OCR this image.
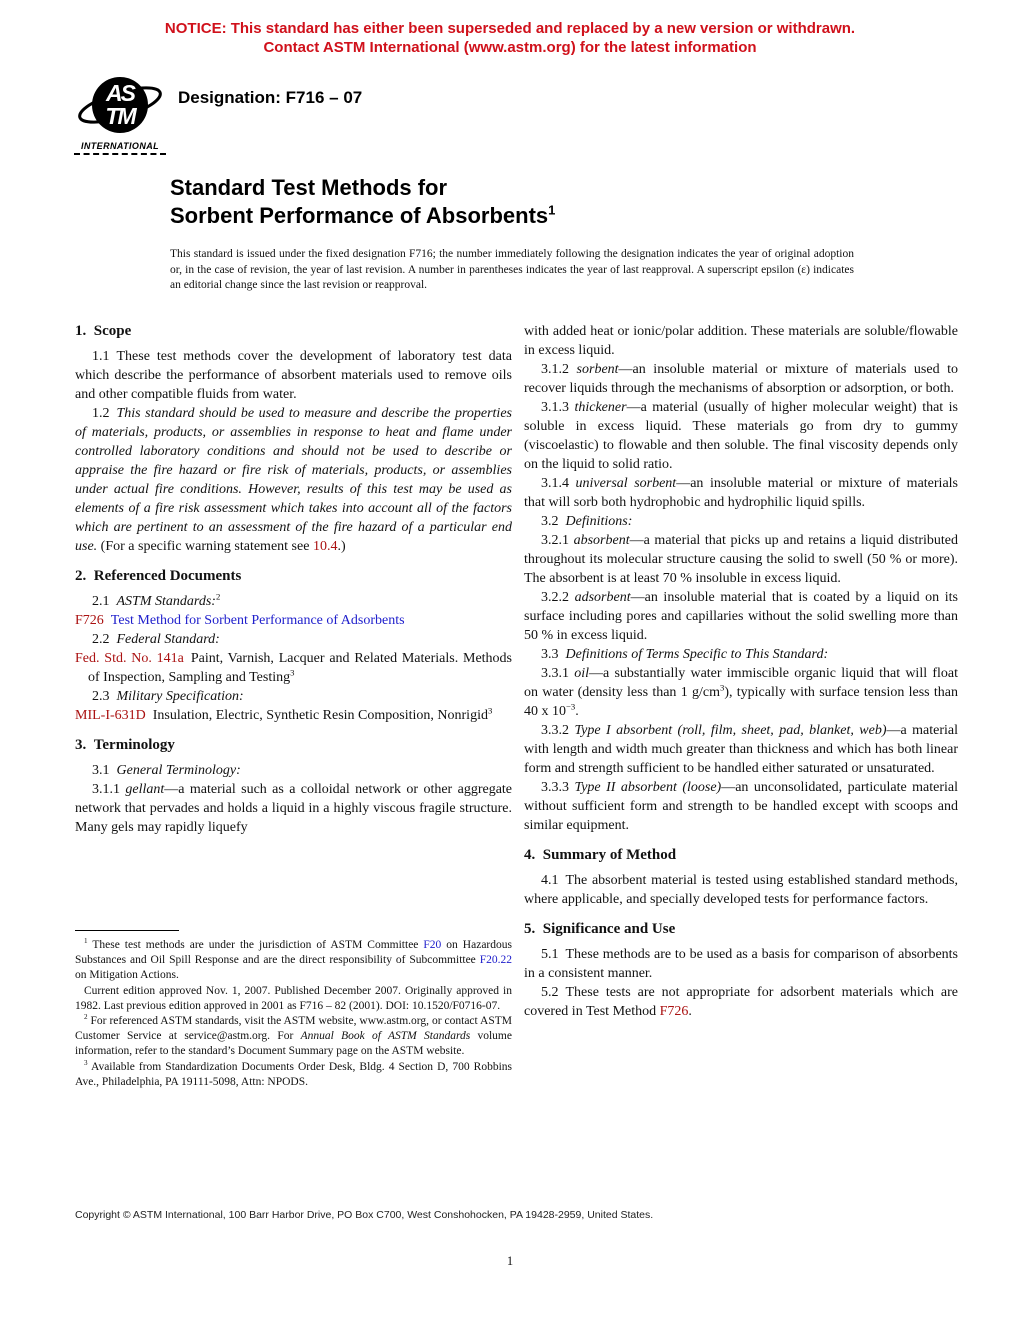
NOTICE: This standard has either been superseded and replaced by a new version or withdrawn.
Contact ASTM International (www.astm.org) for the latest information
AS
TM
INTERNATIONAL
Designation: F716 – 07
Standard Test Methods for
Sorbent Performance of Absorbents$^1$
This standard is issued under the fixed designation F716; the number immediately following the designation indicates the year of original adoption or, in the case of revision, the year of last revision. A number in parentheses indicates the year of last reapproval. A superscript epsilon (ε) indicates an editorial change since the last revision or reapproval.
1. Scope

1.1 These test methods cover the development of laboratory test data which describe the performance of absorbent materials used to remove oils and other compatible fluids from water.

1.2 This standard should be used to measure and describe the properties of materials, products, or assemblies in response to heat and flame under controlled laboratory conditions and should not be used to describe or appraise the fire hazard or fire risk of materials, products, or assemblies under actual fire conditions. However, results of this test may be used as elements of a fire risk assessment which takes into account all of the factors which are pertinent to an assessment of the fire hazard of a particular end use. (For a specific warning statement see 10.4.)

2. Referenced Documents

2.1 ASTM Standards:$^2$

F726 Test Method for Sorbent Performance of Adsorbents

2.2 Federal Standard:

Fed. Std. No. 141a Paint, Varnish, Lacquer and Related Materials. Methods of Inspection, Sampling and Testing$^3$

2.3 Military Specification:

MIL-I-631D Insulation, Electric, Synthetic Resin Composition, Nonrigid$^3$

3. Terminology

3.1 General Terminology:

3.1.1 gellant—a material such as a colloidal network or other aggregate network that pervades and holds a liquid in a highly viscous fragile structure. Many gels may rapidly liquefy

$^1$ These test methods are under the jurisdiction of ASTM Committee F20 on Hazardous Substances and Oil Spill Response and are the direct responsibility of Subcommittee F20.22 on Mitigation Actions.

Current edition approved Nov. 1, 2007. Published December 2007. Originally approved in 1982. Last previous edition approved in 2001 as F716 – 82 (2001). DOI: 10.1520/F0716-07.

$^2$ For referenced ASTM standards, visit the ASTM website, www.astm.org, or contact ASTM Customer Service at service@astm.org. For Annual Book of ASTM Standards volume information, refer to the standard’s Document Summary page on the ASTM website.

$^3$ Available from Standardization Documents Order Desk, Bldg. 4 Section D, 700 Robbins Ave., Philadelphia, PA 19111-5098, Attn: NPODS.

with added heat or ionic/polar addition. These materials are soluble/flowable in excess liquid.

3.1.2 sorbent—an insoluble material or mixture of materials used to recover liquids through the mechanisms of absorption or adsorption, or both.

3.1.3 thickener—a material (usually of higher molecular weight) that is soluble in excess liquid. These materials go from dry to gummy (viscoelastic) to flowable and then soluble. The final viscosity depends only on the liquid to solid ratio.

3.1.4 universal sorbent—an insoluble material or mixture of materials that will sorb both hydrophobic and hydrophilic liquid spills.

3.2 Definitions:

3.2.1 absorbent—a material that picks up and retains a liquid distributed throughout its molecular structure causing the solid to swell (50 % or more). The absorbent is at least 70 % insoluble in excess liquid.

3.2.2 adsorbent—an insoluble material that is coated by a liquid on its surface including pores and capillaries without the solid swelling more than 50 % in excess liquid.

3.3 Definitions of Terms Specific to This Standard:

3.3.1 oil—a substantially water immiscible organic liquid that will float on water (density less than 1 $g/cm^3$), typically with surface tension less than 40 x $10^{-3}$.

3.3.2 Type I absorbent (roll, film, sheet, pad, blanket, web)—a material with length and width much greater than thickness and which has both linear form and strength sufficient to be handled either saturated or unsaturated.

3.3.3 Type II absorbent (loose)—an unconsolidated, particulate material without sufficient form and strength to be handled except with scoops and similar equipment.

4. Summary of Method

4.1 The absorbent material is tested using established standard methods, where applicable, and specially developed tests for performance factors.

5. Significance and Use

5.1 These methods are to be used as a basis for comparison of absorbents in a consistent manner.

5.2 These tests are not appropriate for adsorbent materials which are covered in Test Method F726.

Copyright © ASTM International, 100 Barr Harbor Drive, PO Box C700, West Conshohocken, PA 19428-2959, United States.
1
